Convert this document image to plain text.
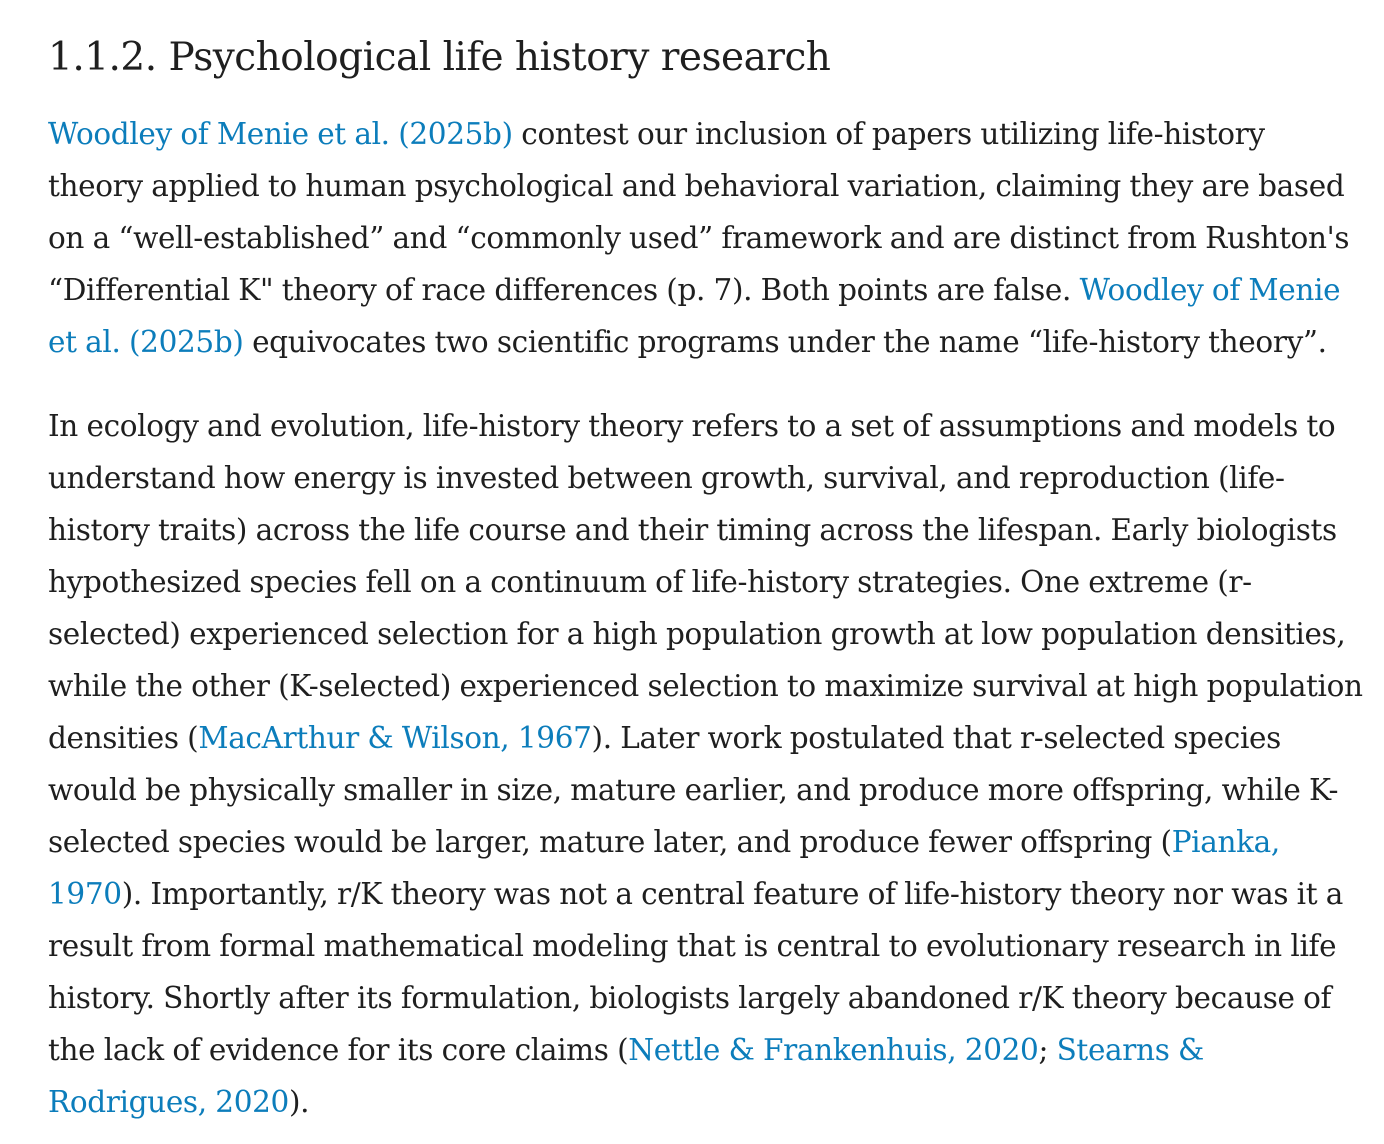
1.1.2. Psychological life history research

Woodley of Menie et al. (2025b) contest our inclusion of papers utilizing life-history theory applied to human psychological and behavioral variation, claiming they are based on a “well-established” and “commonly used” framework and are distinct from Rushton's “Differential K" theory of race differences (p. 7). Both points are false. Woodley of Menie et al. (2025b) equivocates two scientific programs under the name “life-history theory”.

In ecology and evolution, life-history theory refers to a set of assumptions and models to understand how energy is invested between growth, survival, and reproduction (life-history traits) across the life course and their timing across the lifespan. Early biologists hypothesized species fell on a continuum of life-history strategies. One extreme (r-selected) experienced selection for a high population growth at low population densities, while the other (K-selected) experienced selection to maximize survival at high population densities (MacArthur & Wilson, 1967). Later work postulated that r-selected species would be physically smaller in size, mature earlier, and produce more offspring, while K-selected species would be larger, mature later, and produce fewer offspring (Pianka, 1970). Importantly, r/K theory was not a central feature of life-history theory nor was it a result from formal mathematical modeling that is central to evolutionary research in life history. Shortly after its formulation, biologists largely abandoned r/K theory because of the lack of evidence for its core claims (Nettle & Frankenhuis, 2020; Stearns & Rodrigues, 2020).
